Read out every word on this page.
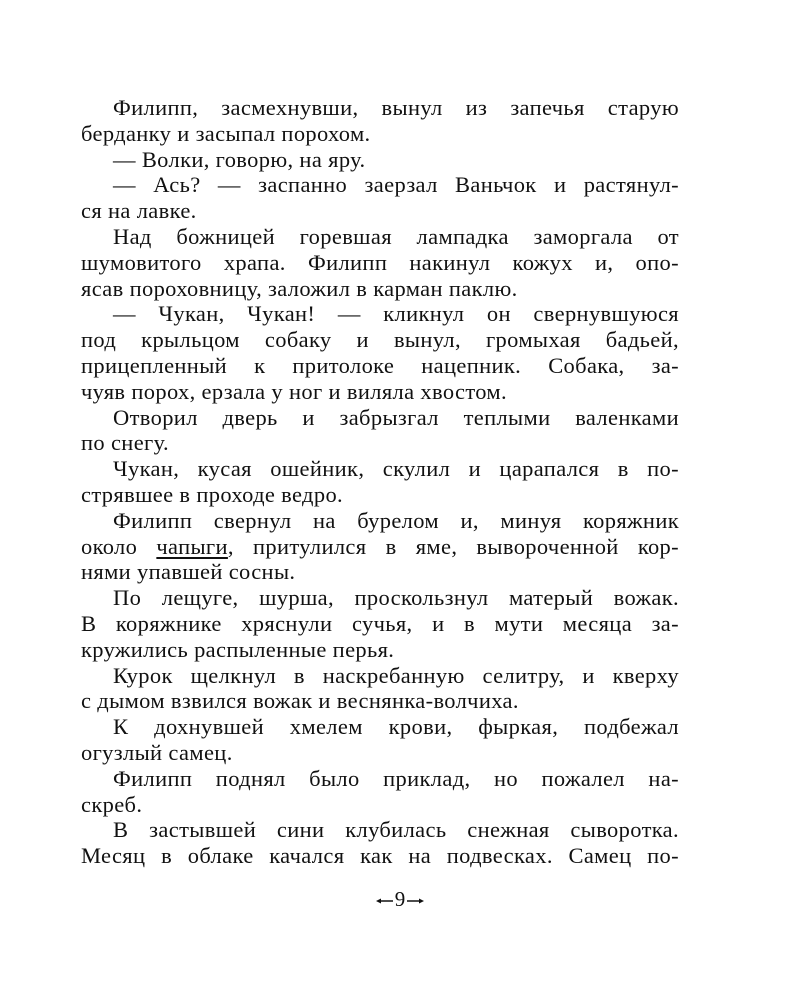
Филипп, засмехнувши, вынул из запечья старую
берданку и засыпал порохом.
— Волки, говорю, на яру.
— Ась? — заспанно заерзал Ваньчок и растянул-
ся на лавке.
Над божницей горевшая лампадка заморгала от
шумовитого храпа. Филипп накинул кожух и, опо-
ясав пороховницу, заложил в карман паклю.
— Чукан, Чукан! — кликнул он свернувшуюся
под крыльцом собаку и вынул, громыхая бадьей,
прицепленный к притолоке нацепник. Собака, за-
чуяв порох, ерзала у ног и виляла хвостом.
Отворил дверь и забрызгал теплыми валенками
по снегу.
Чукан, кусая ошейник, скулил и царапался в по-
стрявшее в проходе ведро.
Филипп свернул на бурелом и, минуя коряжник
около чапыги, притулился в яме, вывороченной кор-
нями упавшей сосны.
По лещуге, шурша, проскользнул матерый вожак.
В коряжнике хряснули сучья, и в мути месяца за-
кружились распыленные перья.
Курок щелкнул в наскребанную селитру, и кверху
с дымом взвился вожак и веснянка-волчиха.
К дохнувшей хмелем крови, фыркая, подбежал
огузлый самец.
Филипп поднял было приклад, но пожалел на-
скреб.
В застывшей сини клубилась снежная сыворотка.
Месяц в облаке качался как на подвесках. Самец по-
9
